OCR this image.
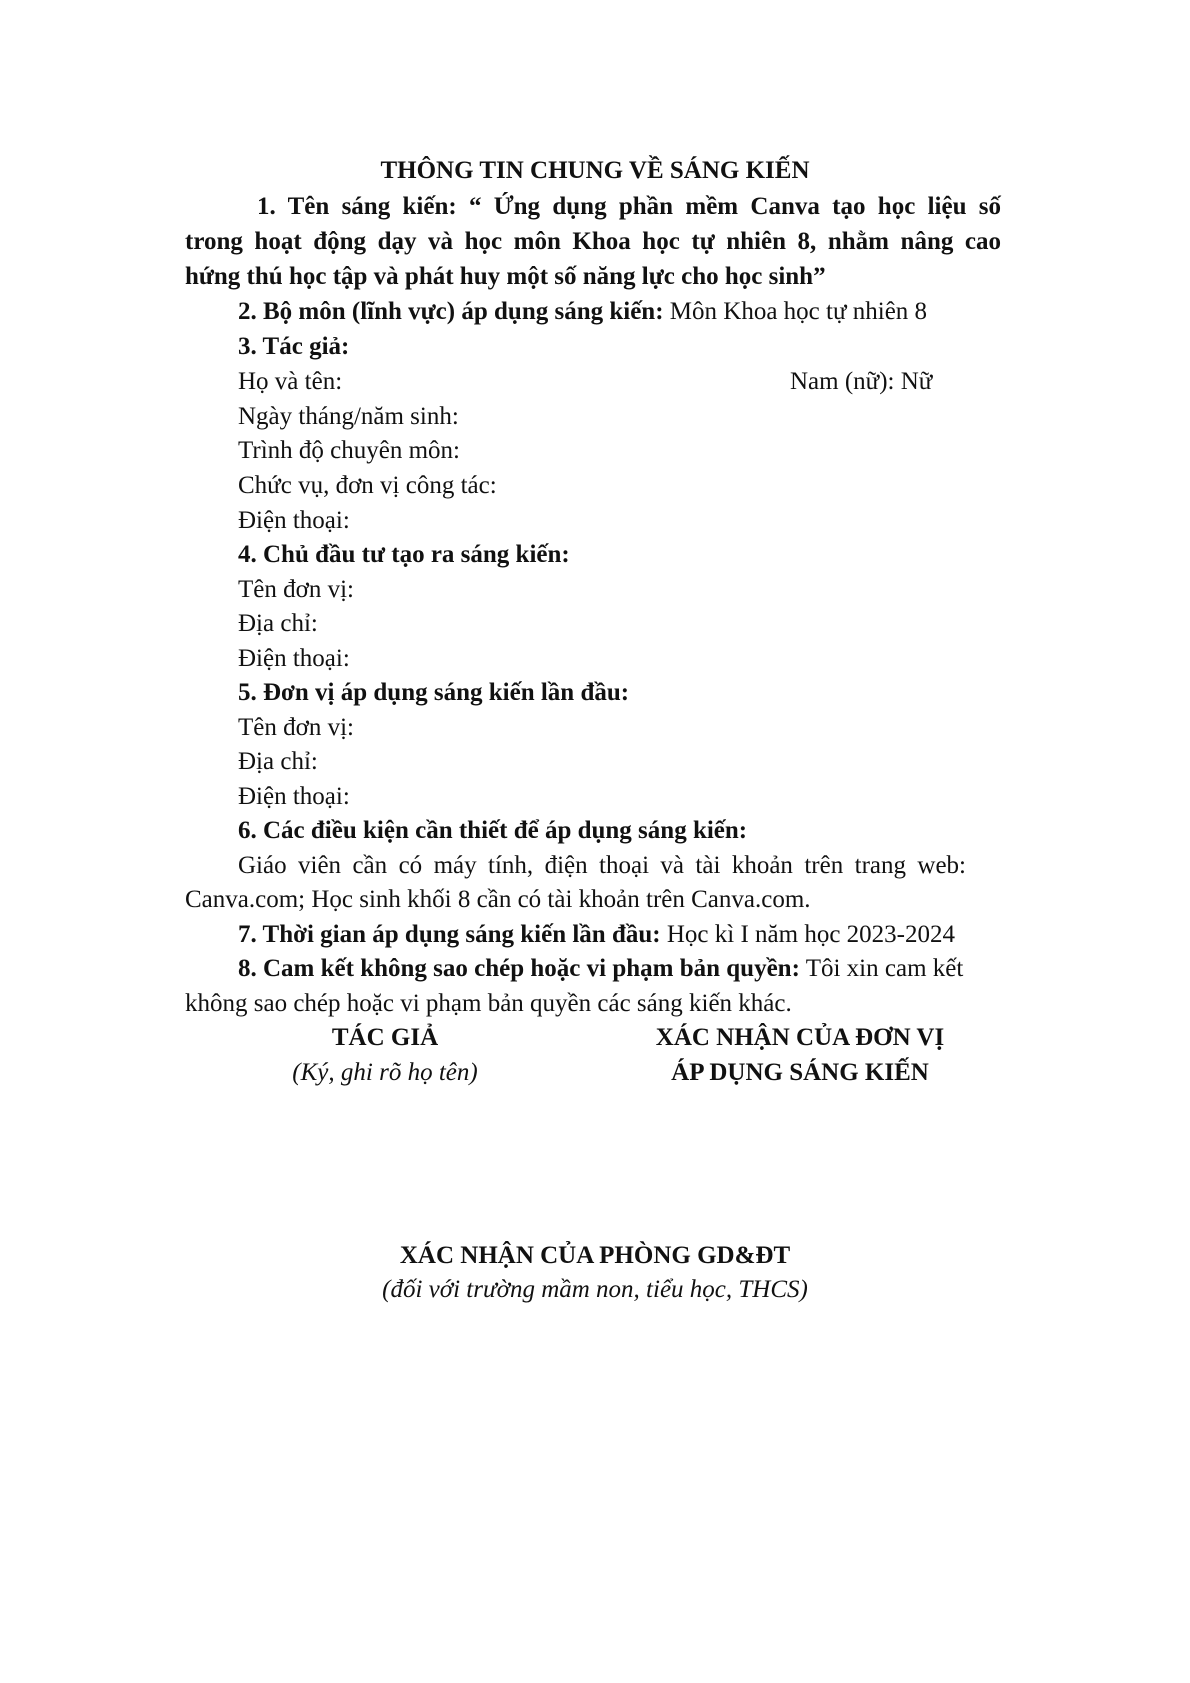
THÔNG TIN CHUNG VỀ SÁNG KIẾN
1. Tên sáng kiến: “ Ứng dụng phần mềm Canva tạo học liệu số
trong hoạt động dạy và học môn Khoa học tự nhiên 8, nhằm nâng cao
hứng thú học tập và phát huy một số năng lực cho học sinh”
2. Bộ môn (lĩnh vực) áp dụng sáng kiến: Môn Khoa học tự nhiên 8
3. Tác giả:
Họ và tên:	Nam (nữ): Nữ
Ngày tháng/năm sinh:
Trình độ chuyên môn:
Chức vụ, đơn vị công tác:
Điện thoại:
4. Chủ đầu tư tạo ra sáng kiến:
Tên đơn vị:
Địa chỉ:
Điện thoại:
5. Đơn vị áp dụng sáng kiến lần đầu:
Tên đơn vị:
Địa chỉ:
Điện thoại:
6. Các điều kiện cần thiết để áp dụng sáng kiến:
Giáo viên cần có máy tính, điện thoại và tài khoản trên trang web:
Canva.com; Học sinh khối 8 cần có tài khoản trên Canva.com.
7. Thời gian áp dụng sáng kiến lần đầu: Học kì I năm học 2023-2024
8. Cam kết không sao chép hoặc vi phạm bản quyền: Tôi xin cam kết
không sao chép hoặc vi phạm bản quyền các sáng kiến khác.
TÁC GIẢ
(Ký, ghi rõ họ tên)
XÁC NHẬN CỦA ĐƠN VỊ
ÁP DỤNG SÁNG KIẾN
XÁC NHẬN CỦA PHÒNG GD&ĐT
(đối với trường mầm non, tiểu học, THCS)
